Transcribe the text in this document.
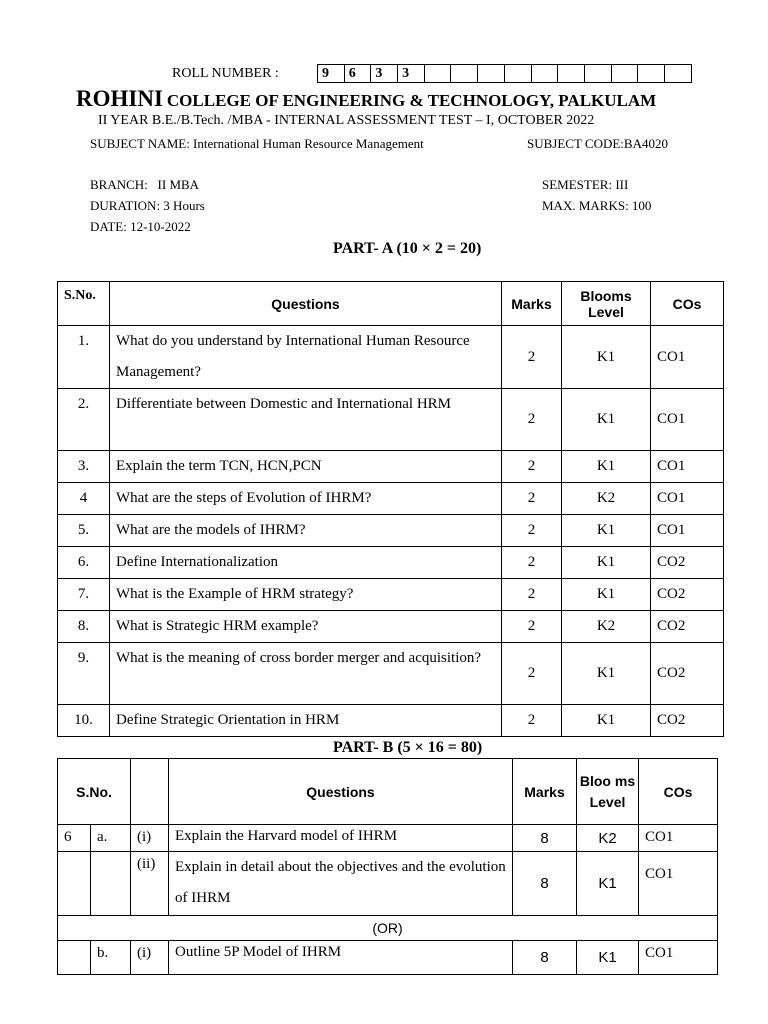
ROLL NUMBER :	9	6	3	3
ROHINI COLLEGE OF ENGINEERING & TECHNOLOGY, PALKULAM
II YEAR B.E./B.Tech. /MBA - INTERNAL ASSESSMENT TEST – I, OCTOBER 2022
SUBJECT NAME: International Human Resource Management	SUBJECT CODE:BA4020
BRANCH:   II MBA
DURATION: 3 Hours
DATE: 12-10-2022
SEMESTER: III
MAX. MARKS: 100
PART- A (10 × 2 = 20)
S.No.	Questions	Marks	Blooms Level	COs
1.	What do you understand by International Human Resource Management?	2	K1	CO1
2.	Differentiate between Domestic and International HRM	2	K1	CO1
3.	Explain the term TCN, HCN,PCN	2	K1	CO1
4	What are the steps of Evolution of IHRM?	2	K2	CO1
5.	What are the models of IHRM?	2	K1	CO1
6.	Define Internationalization	2	K1	CO2
7.	What is the Example of HRM strategy?	2	K1	CO2
8.	What is Strategic HRM example?	2	K2	CO2
9.	What is the meaning of cross border merger and acquisition?	2	K1	CO2
10.	Define Strategic Orientation in HRM	2	K1	CO2
PART- B (5 × 16 = 80)
S.No.			Questions	Marks	Bloo ms Level	COs
6	a.	(i)	Explain the Harvard model of IHRM	8	K2	CO1
		(ii)	Explain in detail about the objectives and the evolution of IHRM	8	K1	CO1
(OR)						
	b.	(i)	Outline 5P Model of IHRM	8	K1	CO1
